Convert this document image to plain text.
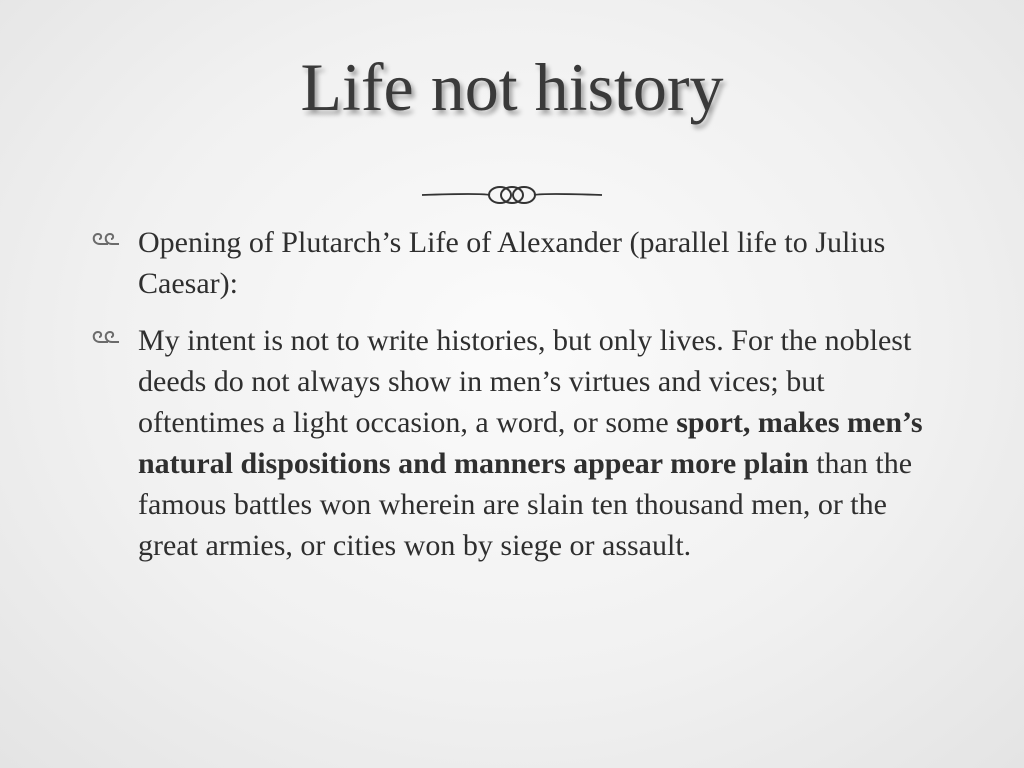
Life not history

Opening of Plutarch’s Life of Alexander (parallel life to Julius Caesar):

My intent is not to write histories, but only lives. For the noblest deeds do not always show in men’s virtues and vices; but oftentimes a light occasion, a word, or some sport, makes men’s natural dispositions and manners appear more plain than the famous battles won wherein are slain ten thousand men, or the great armies, or cities won by siege or assault.
